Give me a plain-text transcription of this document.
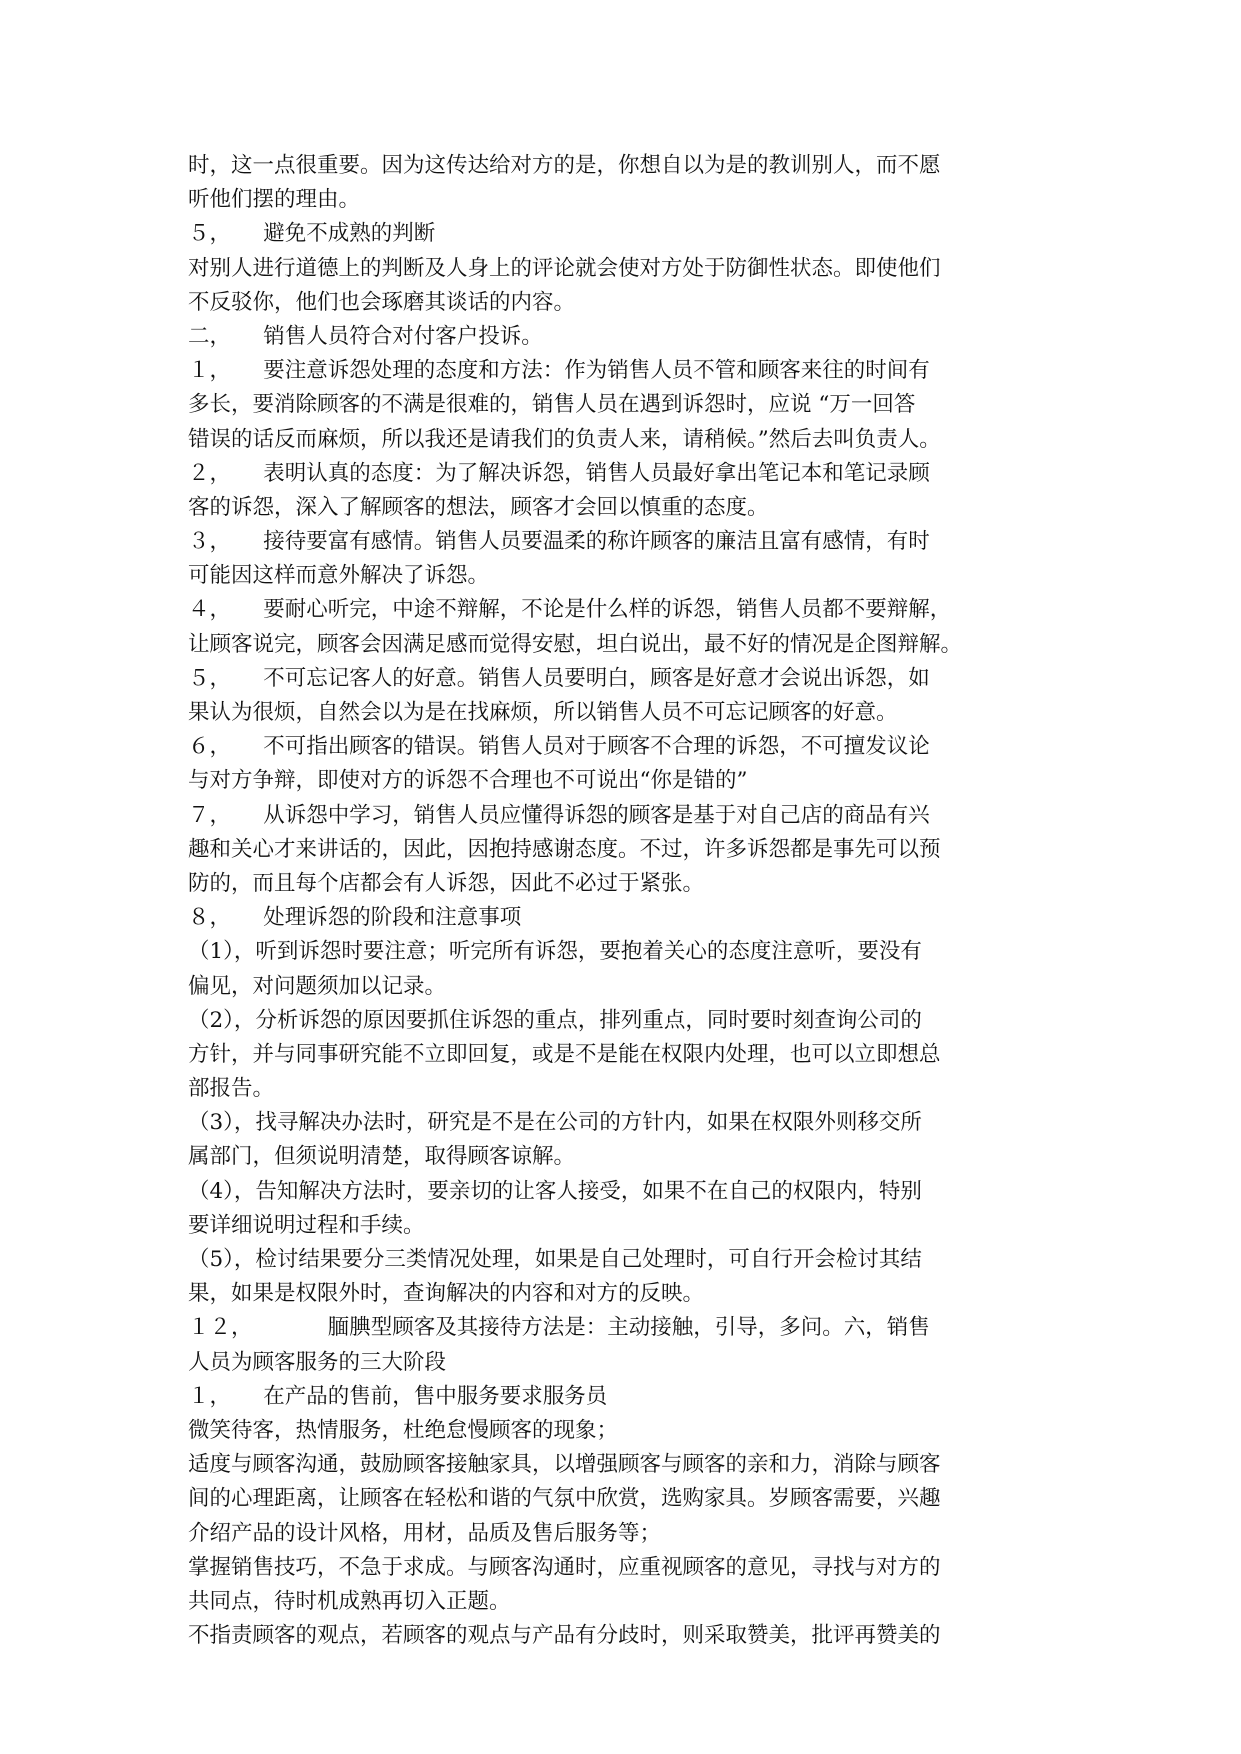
时，这一点很重要。因为这传达给对方的是，你想自以为是的教训别人，而不愿
听他们摆的理由。
５，　　避免不成熟的判断
对别人进行道德上的判断及人身上的评论就会使对方处于防御性状态。即使他们
不反驳你，他们也会琢磨其谈话的内容。
二，　　销售人员符合对付客户投诉。
１，　　要注意诉怨处理的态度和方法：作为销售人员不管和顾客来往的时间有
多长，要消除顾客的不满是很难的，销售人员在遇到诉怨时，应说 “万一回答
错误的话反而麻烦，所以我还是请我们的负责人来，请稍候。”然后去叫负责人。
２，　　表明认真的态度：为了解决诉怨，销售人员最好拿出笔记本和笔记录顾
客的诉怨，深入了解顾客的想法，顾客才会回以慎重的态度。
３，　　接待要富有感情。销售人员要温柔的称许顾客的廉洁且富有感情，有时
可能因这样而意外解决了诉怨。
４，　　要耐心听完，中途不辩解，不论是什么样的诉怨，销售人员都不要辩解，
让顾客说完，顾客会因满足感而觉得安慰，坦白说出，最不好的情况是企图辩解。
５，　　不可忘记客人的好意。销售人员要明白，顾客是好意才会说出诉怨，如
果认为很烦，自然会以为是在找麻烦，所以销售人员不可忘记顾客的好意。
６，　　不可指出顾客的错误。销售人员对于顾客不合理的诉怨，不可擅发议论
与对方争辩，即使对方的诉怨不合理也不可说出“你是错的”
７，　　从诉怨中学习，销售人员应懂得诉怨的顾客是基于对自己店的商品有兴
趣和关心才来讲话的，因此，因抱持感谢态度。不过，许多诉怨都是事先可以预
防的，而且每个店都会有人诉怨，因此不必过于紧张。
８，　　处理诉怨的阶段和注意事项
（1），听到诉怨时要注意；听完所有诉怨，要抱着关心的态度注意听，要没有
偏见，对问题须加以记录。
（2），分析诉怨的原因要抓住诉怨的重点，排列重点，同时要时刻查询公司的
方针，并与同事研究能不立即回复，或是不是能在权限内处理，也可以立即想总
部报告。
（3），找寻解决办法时，研究是不是在公司的方针内，如果在权限外则移交所
属部门，但须说明清楚，取得顾客谅解。
（4），告知解决方法时，要亲切的让客人接受，如果不在自己的权限内，特别
要详细说明过程和手续。
（5），检讨结果要分三类情况处理，如果是自己处理时，可自行开会检讨其结
果，如果是权限外时，查询解决的内容和对方的反映。
１２，　　　　腼腆型顾客及其接待方法是：主动接触，引导，多问。六，销售
人员为顾客服务的三大阶段
１，　　在产品的售前，售中服务要求服务员
微笑待客，热情服务，杜绝怠慢顾客的现象；
适度与顾客沟通，鼓励顾客接触家具，以增强顾客与顾客的亲和力，消除与顾客
间的心理距离，让顾客在轻松和谐的气氛中欣赏，选购家具。岁顾客需要，兴趣
介绍产品的设计风格，用材，品质及售后服务等；
掌握销售技巧，不急于求成。与顾客沟通时，应重视顾客的意见，寻找与对方的
共同点，待时机成熟再切入正题。
不指责顾客的观点，若顾客的观点与产品有分歧时，则采取赞美，批评再赞美的
